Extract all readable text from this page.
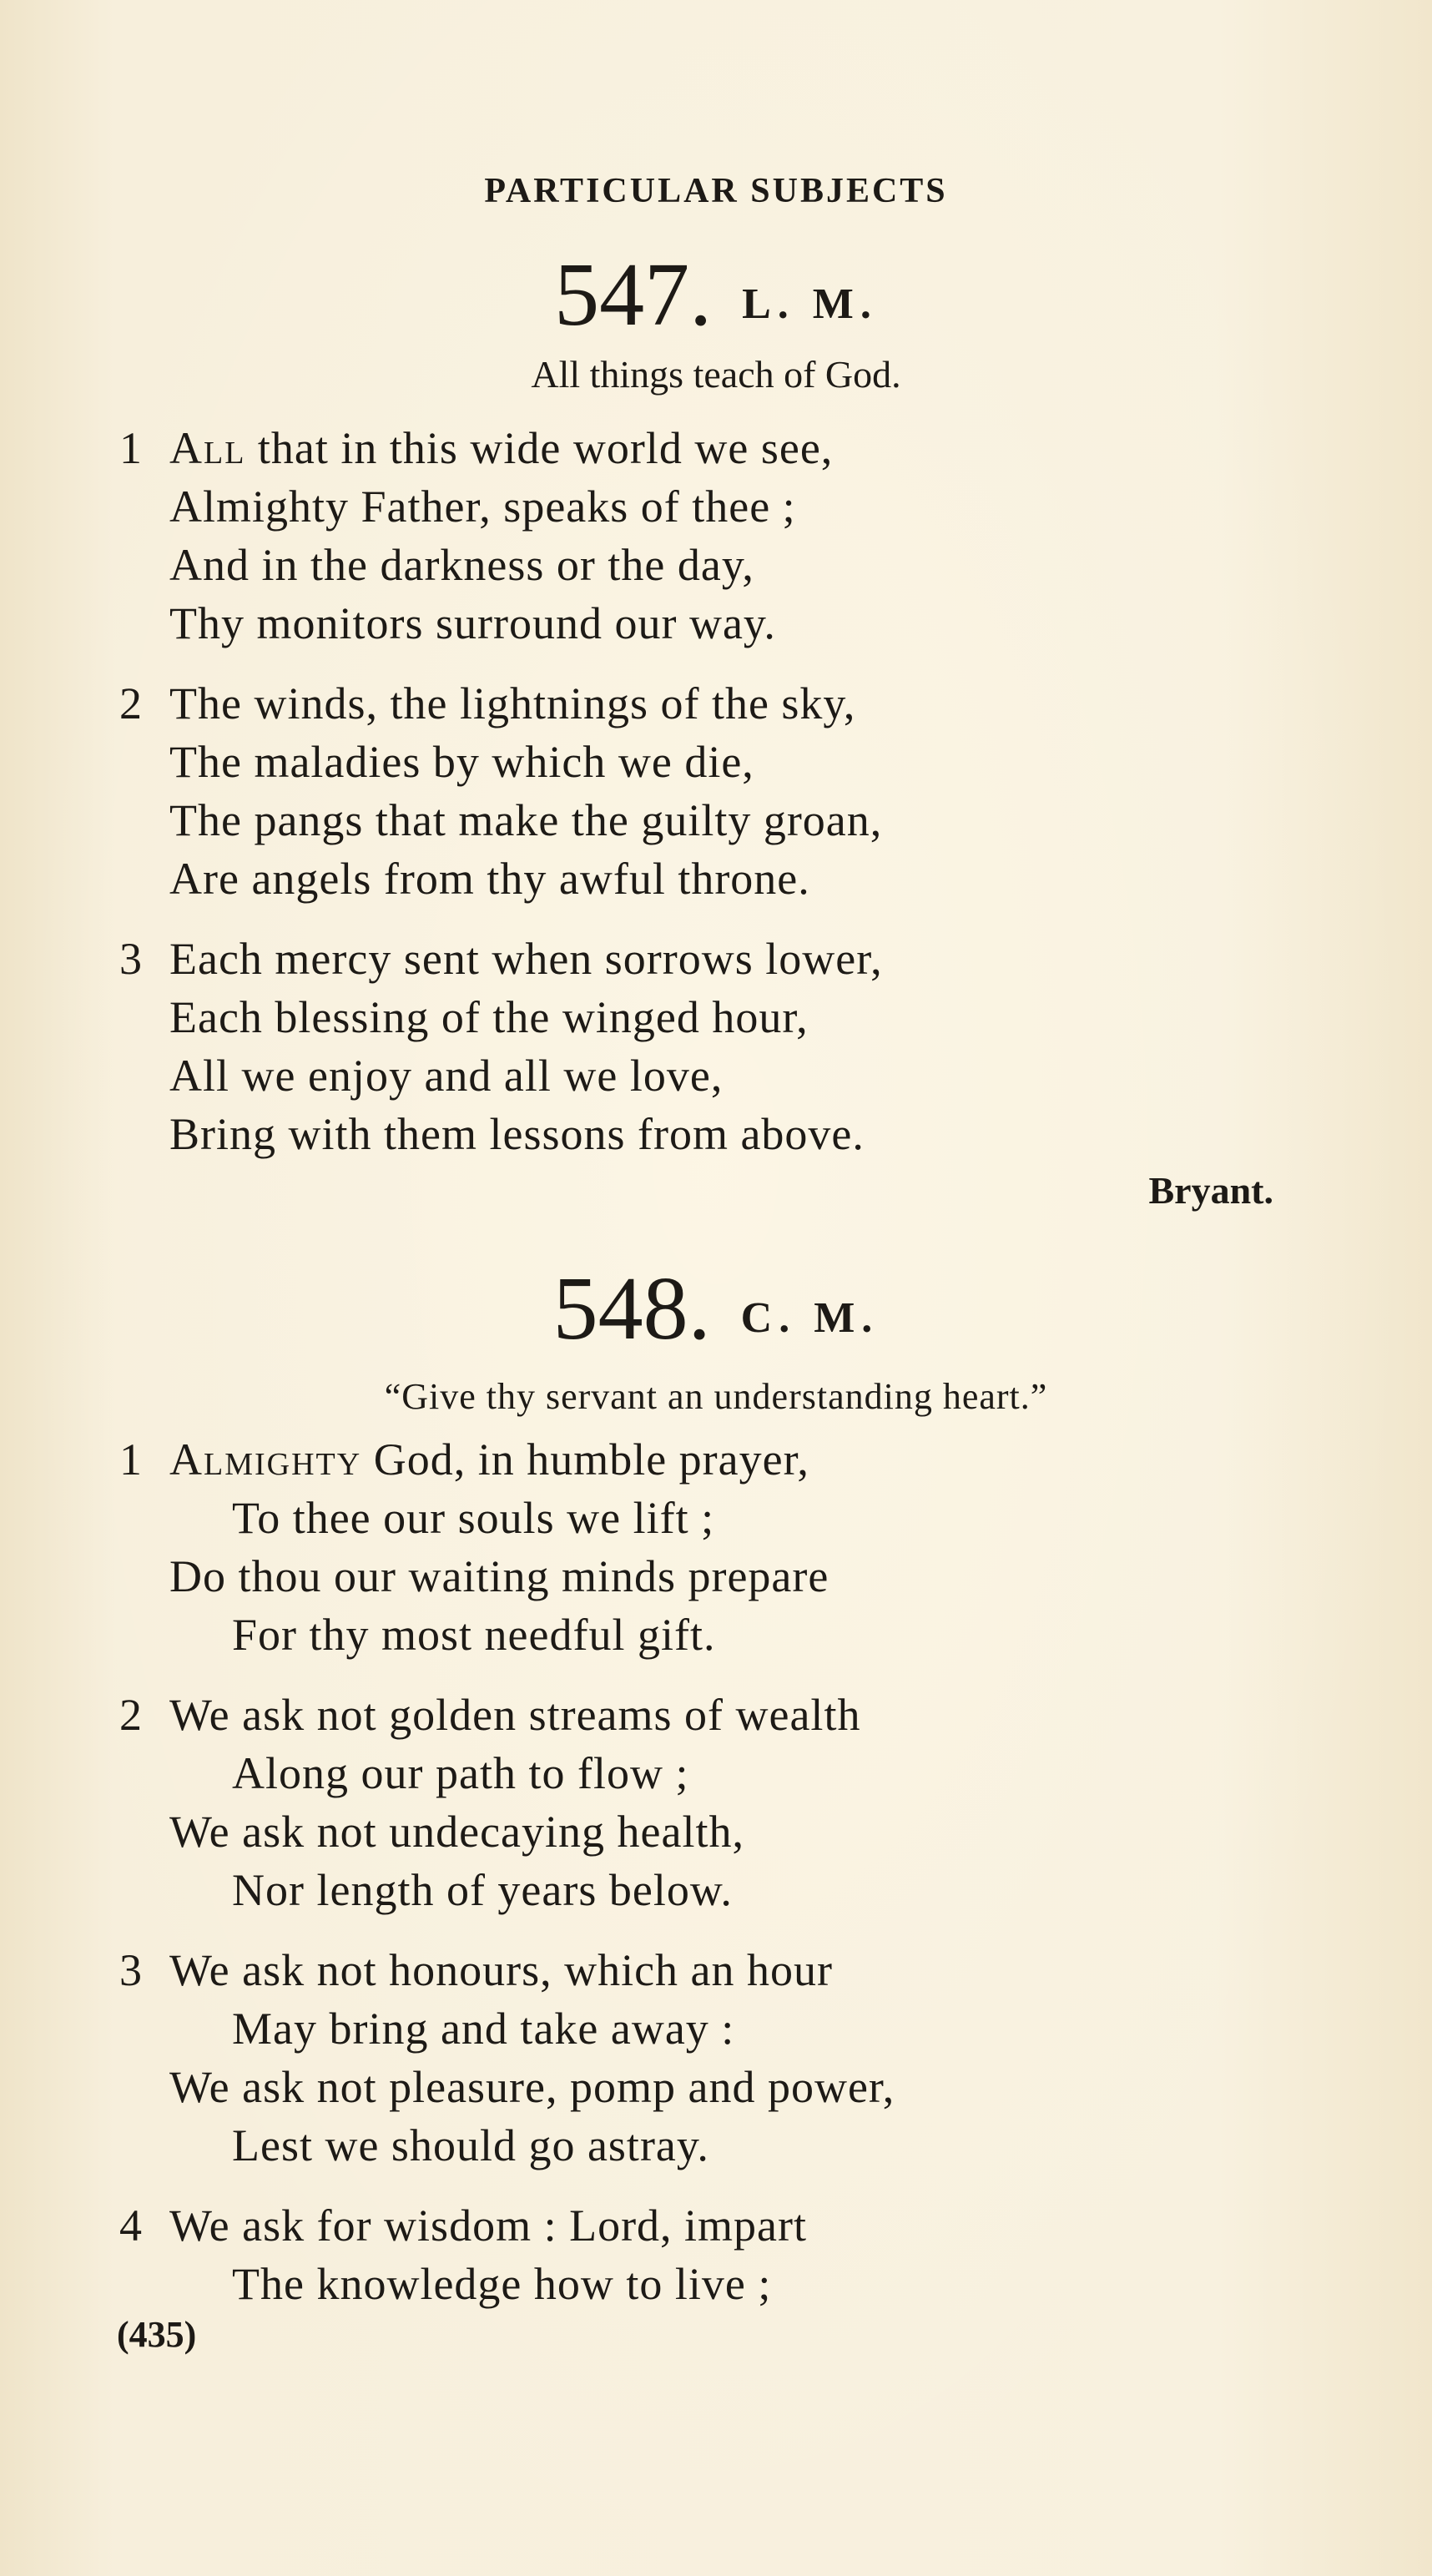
PARTICULAR SUBJECTS
547. L. M.
All things teach of God.
1 All that in this wide world we see,
Almighty Father, speaks of thee ;
And in the darkness or the day,
Thy monitors surround our way.
2 The winds, the lightnings of the sky,
The maladies by which we die,
The pangs that make the guilty groan,
Are angels from thy awful throne.
3 Each mercy sent when sorrows lower,
Each blessing of the winged hour,
All we enjoy and all we love,
Bring with them lessons from above.
Bryant.
548. C. M.
“Give thy servant an understanding heart.”
1 Almighty God, in humble prayer,
To thee our souls we lift ;
Do thou our waiting minds prepare
For thy most needful gift.
2 We ask not golden streams of wealth
Along our path to flow ;
We ask not undecaying health,
Nor length of years below.
3 We ask not honours, which an hour
May bring and take away :
We ask not pleasure, pomp and power,
Lest we should go astray.
4 We ask for wisdom : Lord, impart
The knowledge how to live ;
(435)
